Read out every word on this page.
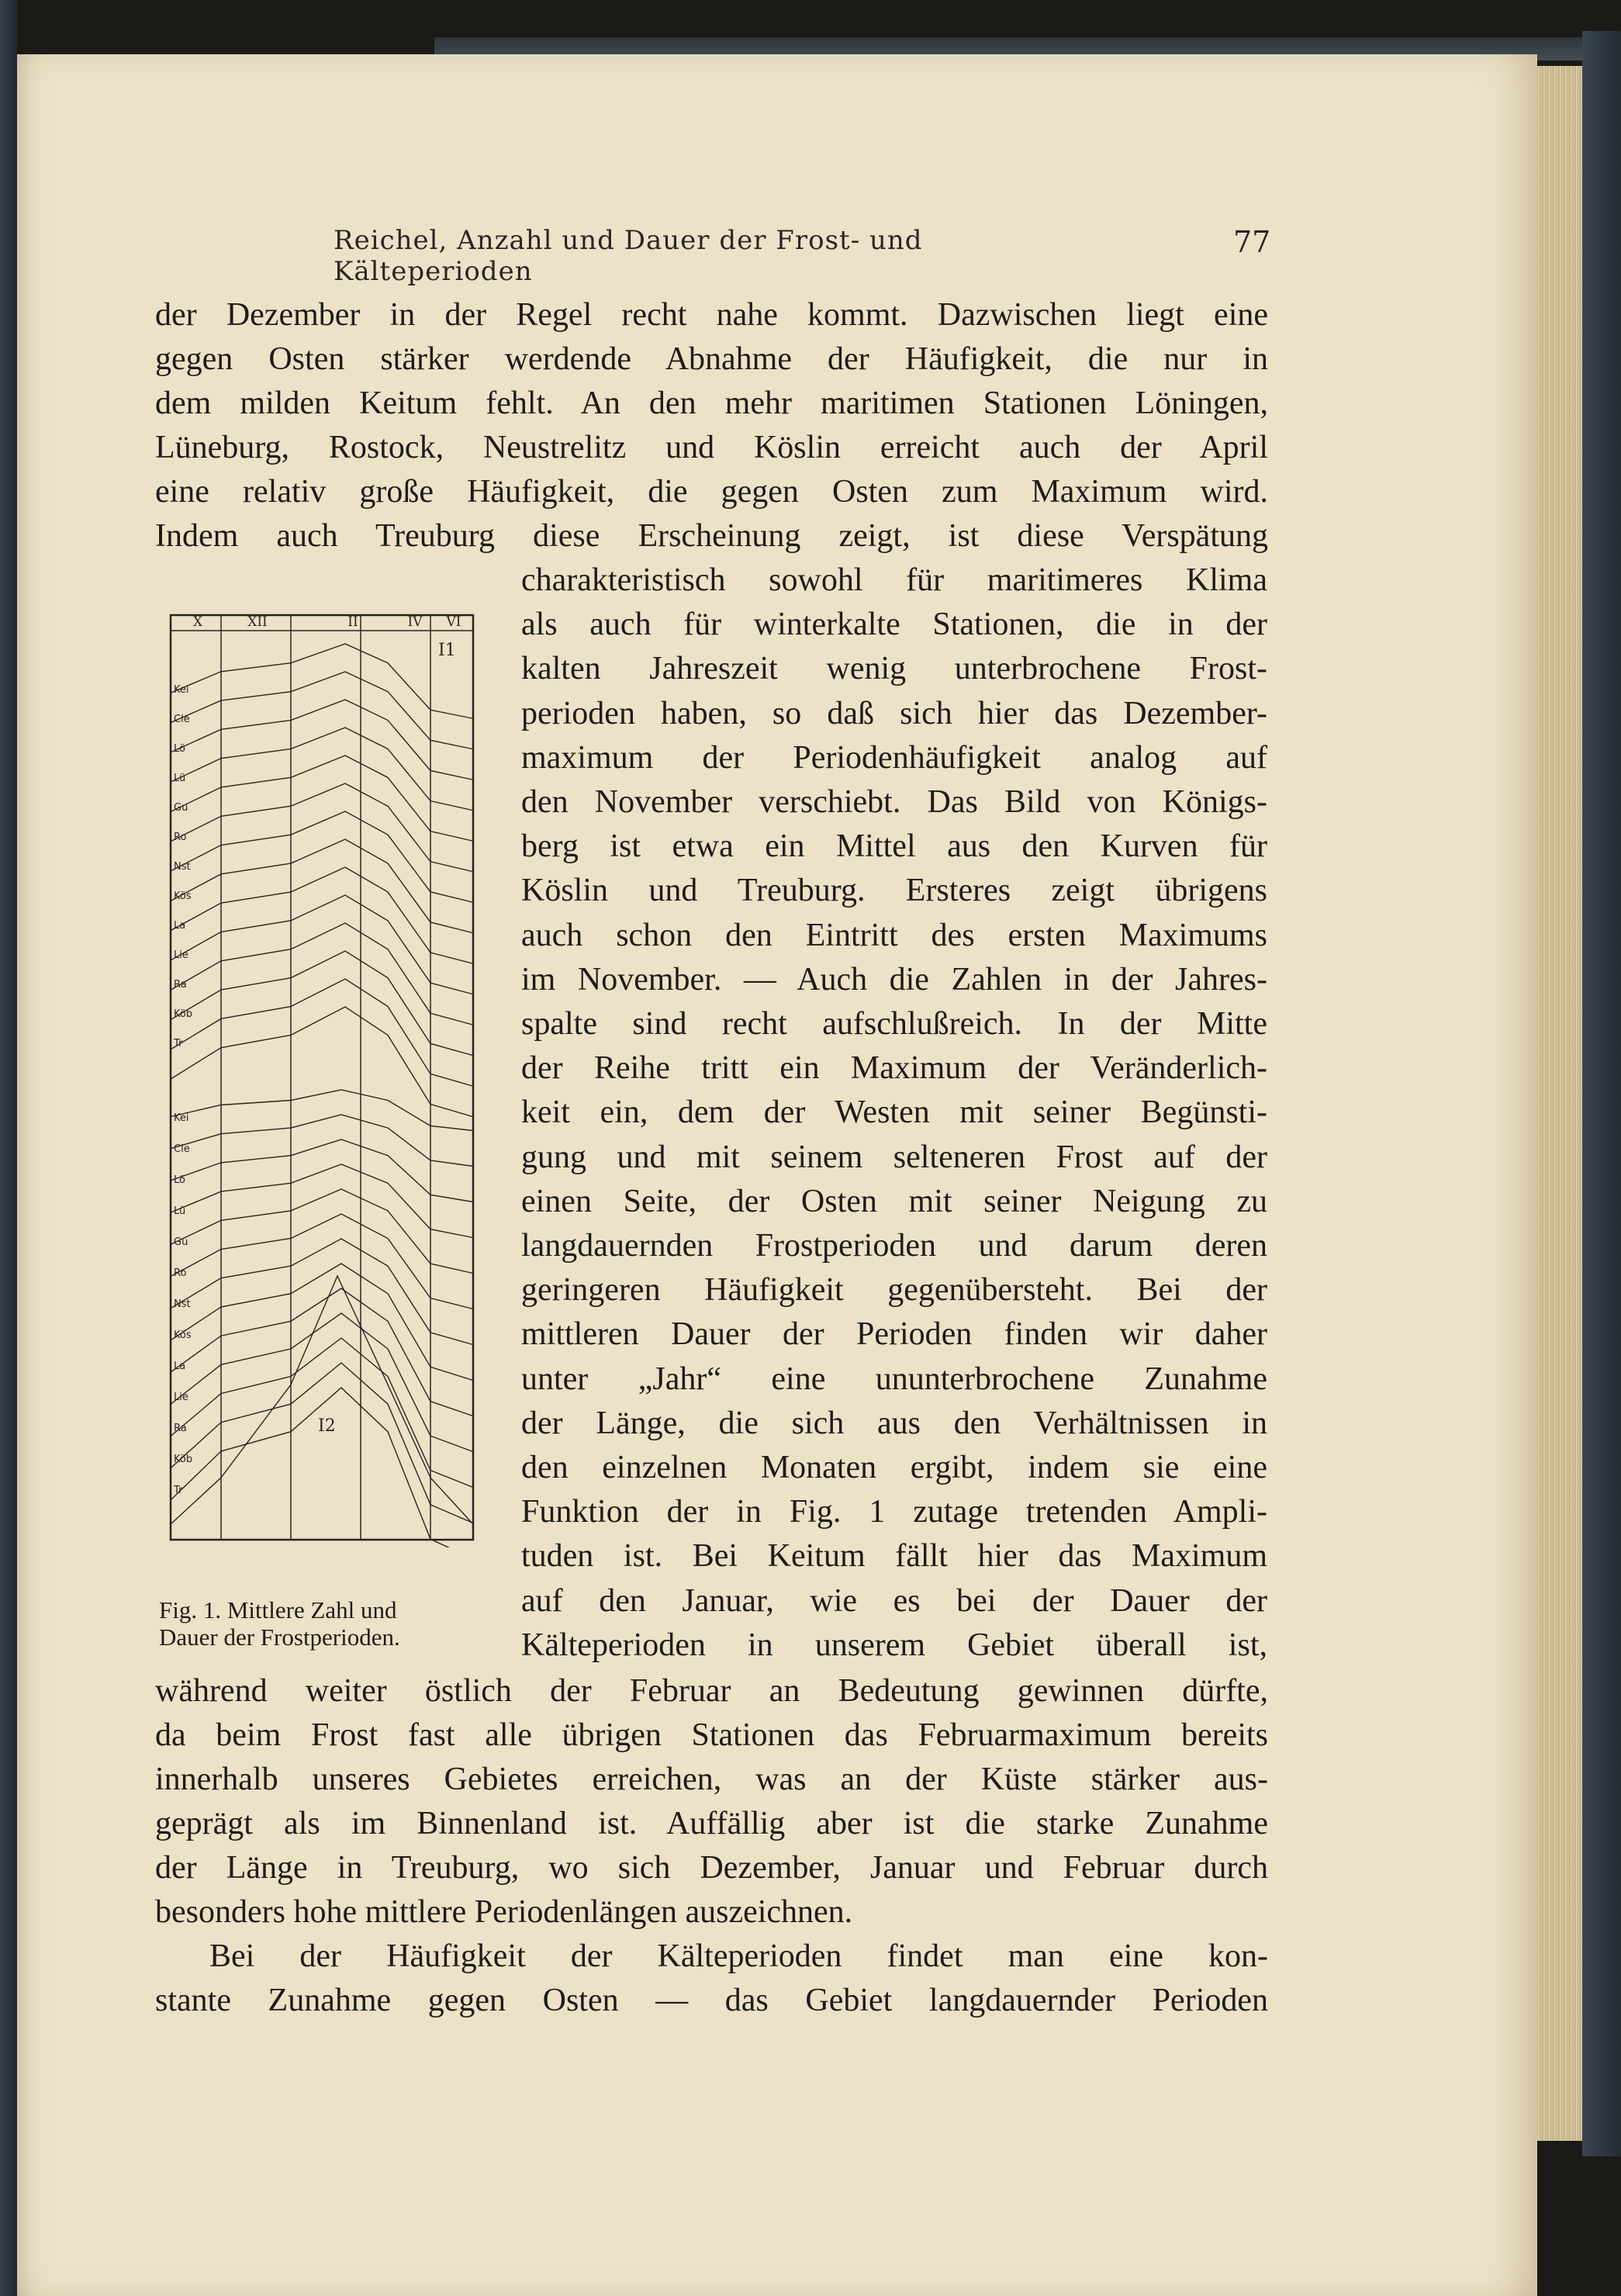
Reichel, Anzahl und Dauer der Frost- und Kälteperioden
77
der Dezember in der Regel recht nahe kommt. Dazwischen liegt eine
gegen Osten stärker werdende Abnahme der Häufigkeit, die nur in
dem milden Keitum fehlt. An den mehr maritimen Stationen Löningen,
Lüneburg, Rostock, Neustrelitz und Köslin erreicht auch der April
eine relativ große Häufigkeit, die gegen Osten zum Maximum wird.
Indem auch Treuburg diese Erscheinung zeigt, ist diese Verspätung
charakteristisch sowohl für maritimeres Klima
als auch für winterkalte Stationen, die in der
kalten Jahreszeit wenig unterbrochene Frost-
perioden haben, so daß sich hier das Dezember-
maximum der Periodenhäufigkeit analog auf
den November verschiebt. Das Bild von Königs-
berg ist etwa ein Mittel aus den Kurven für
Köslin und Treuburg. Ersteres zeigt übrigens
auch schon den Eintritt des ersten Maximums
im November. — Auch die Zahlen in der Jahres-
spalte sind recht aufschlußreich. In der Mitte
der Reihe tritt ein Maximum der Veränderlich-
keit ein, dem der Westen mit seiner Begünsti-
gung und mit seinem selteneren Frost auf der
einen Seite, der Osten mit seiner Neigung zu
langdauernden Frostperioden und darum deren
geringeren Häufigkeit gegenübersteht. Bei der
mittleren Dauer der Perioden finden wir daher
unter „Jahr“ eine ununterbrochene Zunahme
der Länge, die sich aus den Verhältnissen in
den einzelnen Monaten ergibt, indem sie eine
Funktion der in Fig. 1 zutage tretenden Ampli-
tuden ist. Bei Keitum fällt hier das Maximum
auf den Januar, wie es bei der Dauer der
Kälteperioden in unserem Gebiet überall ist,
während weiter östlich der Februar an Bedeutung gewinnen dürfte,
da beim Frost fast alle übrigen Stationen das Februarmaximum bereits
innerhalb unseres Gebietes erreichen, was an der Küste stärker aus-
geprägt als im Binnenland ist. Auffällig aber ist die starke Zunahme
der Länge in Treuburg, wo sich Dezember, Januar und Februar durch
besonders hohe mittlere Periodenlängen auszeichnen.
Bei der Häufigkeit der Kälteperioden findet man eine kon-
stante Zunahme gegen Osten — das Gebiet langdauernder Perioden
X	XII	II	IV VI
I1
I2
Kei
Cle
Lö
Lü
Gu
Ro
Nst
Kös
La
Lie
Ra
Köb
Tr
Kei
Cle
Lö
Lü
Gu
Ro
Nst
Kös
La
Lie
Ra
Köb
Tr
Fig. 1. Mittlere Zahl und
Dauer der Frostperioden.
